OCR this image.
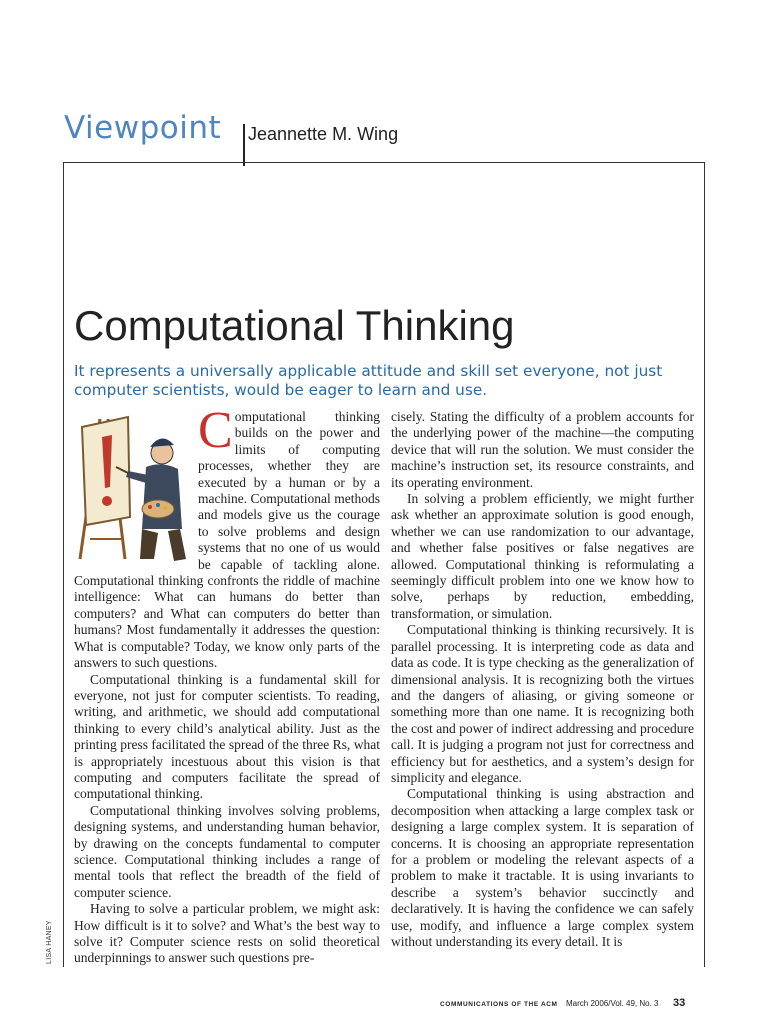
Viewpoint Jeannette M. Wing
Computational Thinking
It represents a universally applicable attitude and skill set everyone, not just computer scientists, would be eager to learn and use.
C omputational thinking builds on the power and limits of computing processes, whether they are executed by a human or by a machine. Computational methods and models give us the courage to solve problems and design systems that no one of us would be capable of tackling alone. Computational thinking confronts the riddle of machine intelligence: What can humans do better than computers? and What can computers do better than humans? Most fundamentally it addresses the question: What is computable? Today, we know only parts of the answers to such questions.

Computational thinking is a fundamental skill for everyone, not just for computer scientists. To reading, writing, and arithmetic, we should add computational thinking to every child’s analytical ability. Just as the printing press facilitated the spread of the three Rs, what is appropriately incestuous about this vision is that computing and computers facilitate the spread of computational thinking.

Computational thinking involves solving problems, designing systems, and understanding human behavior, by drawing on the concepts fundamental to computer science. Computational thinking includes a range of mental tools that reflect the breadth of the field of computer science.

Having to solve a particular problem, we might ask: How difficult is it to solve? and What’s the best way to solve it? Computer science rests on solid theoretical underpinnings to answer such questions pre-

cisely. Stating the difficulty of a problem accounts for the underlying power of the machine—the computing device that will run the solution. We must consider the machine’s instruction set, its resource constraints, and its operating environment.

In solving a problem efficiently, we might further ask whether an approximate solution is good enough, whether we can use randomization to our advantage, and whether false positives or false negatives are allowed. Computational thinking is reformulating a seemingly difficult problem into one we know how to solve, perhaps by reduction, embedding, transformation, or simulation.

Computational thinking is thinking recursively. It is parallel processing. It is interpreting code as data and data as code. It is type checking as the generalization of dimensional analysis. It is recognizing both the virtues and the dangers of aliasing, or giving someone or something more than one name. It is recognizing both the cost and power of indirect addressing and procedure call. It is judging a program not just for correctness and efficiency but for aesthetics, and a system’s design for simplicity and elegance.

Computational thinking is using abstraction and decomposition when attacking a large complex task or designing a large complex system. It is separation of concerns. It is choosing an appropriate representation for a problem or modeling the relevant aspects of a problem to make it tractable. It is using invariants to describe a system’s behavior succinctly and declaratively. It is having the confidence we can safely use, modify, and influence a large complex system without understanding its every detail. It is

LISA HANEY
COMMUNICATIONS OF THE ACM March 2006/Vol. 49, No. 3 33
